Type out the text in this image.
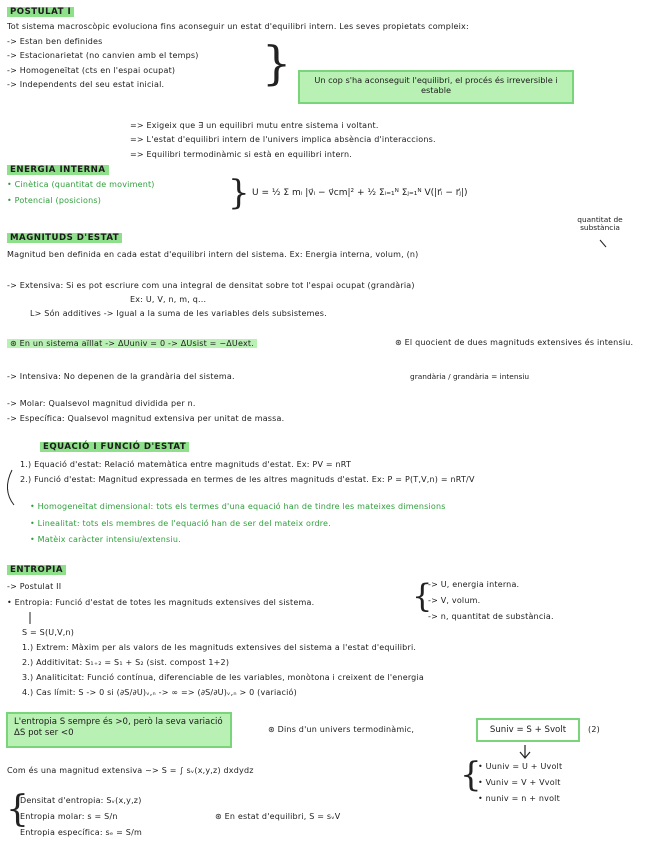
POSTULAT I
Tot sistema macroscòpic evoluciona fins aconseguir un estat d'equilibri intern. Les seves propietats compleix:
-> Estan ben definides
-> Estacionarietat (no canvien amb el temps)
-> Homogeneïtat (cts en l'espai ocupat)
-> Independents del seu estat inicial. }	Un cop s'ha aconseguit l'equilibri, el procés és irreversible i estable
=> Exigeix que ∃ un equilibri mutu entre sistema i voltant.
=> L'estat d'equilibri intern de l'univers implica absència d'interaccions.
=> Equilibri termodinàmic si està en equilibri intern.
ENERGIA INTERNA
• Cinètica (quantitat de moviment)
• Potencial (posicions)	} U = ½ Σ mᵢ |v⃗ᵢ − v⃗cm|² + ½ Σᵢ₌₁ᴺ Σⱼ₌₁ᴺ V(|r⃗ᵢ − r⃗ⱼ|)
MAGNITUDS D'ESTAT
quantitat de substància
Magnitud ben definida en cada estat d'equilibri intern del sistema. Ex: Energia interna, volum, (n)
-> Extensiva: Si es pot escriure com una integral de densitat sobre tot l'espai ocupat (grandària)
Ex: U, V, n, m, q...
L> Són additives -> Igual a la suma de les variables dels subsistemes.
⊛ En un sistema aïllat -> ΔUuniv = 0 -> ΔUsist = −ΔUext.	⊛ El quocient de dues magnituds extensives és intensiu.
grandària / grandària = intensiu
-> Intensiva: No depenen de la grandària del sistema.
-> Molar: Qualsevol magnitud dividida per n.
-> Específica: Qualsevol magnitud extensiva per unitat de massa.
EQUACIÓ I FUNCIÓ D'ESTAT
1.) Equació d'estat: Relació matemàtica entre magnituds d'estat. Ex: PV = nRT
2.) Funció d'estat: Magnitud expressada en termes de les altres magnituds d'estat. Ex: P = P(T,V,n) = nRT/V
• Homogeneïtat dimensional: tots els termes d'una equació han de tindre les mateixes dimensions
• Linealitat: tots els membres de l'equació han de ser del mateix ordre.
• Matèix caràcter intensiu/extensiu.
ENTROPIA
-> Postulat II
• Entropia: Funció d'estat de totes les magnituds extensives del sistema.	{
-> U, energia interna.
-> V, volum.
-> n, quantitat de substància.
S = S(U,V,n)
1.) Extrem: Màxim per als valors de les magnituds extensives del sistema a l'estat d'equilibri.
2.) Additivitat: S₁₊₂ = S₁ + S₂ (sist. compost 1+2)
3.) Analiticitat: Funció contínua, diferenciable de les variables, monòtona i creixent de l'energia
4.) Cas límit: S -> 0 si (∂S/∂U)ᵥ,ₙ -> ∞ => (∂S/∂U)ᵥ,ₙ > 0 (variació)
L'entropia S sempre és >0, però la seva variació ΔS pot ser <0	⊛ Dins d'un univers termodinàmic,	Suniv = S + Svolt	(2)
Com és una magnitud extensiva ~> S = ∫ sᵥ(x,y,z) dxdydz	{
• Uuniv = U + Uvolt
• Vuniv = V + Vvolt
• nuniv = n + nvolt
{
Densitat d'entropia: Sᵥ(x,y,z)
Entropia molar: s = S/n
Entropia específica: sₑ = S/m
⊛ En estat d'equilibri, S = sᵥV
